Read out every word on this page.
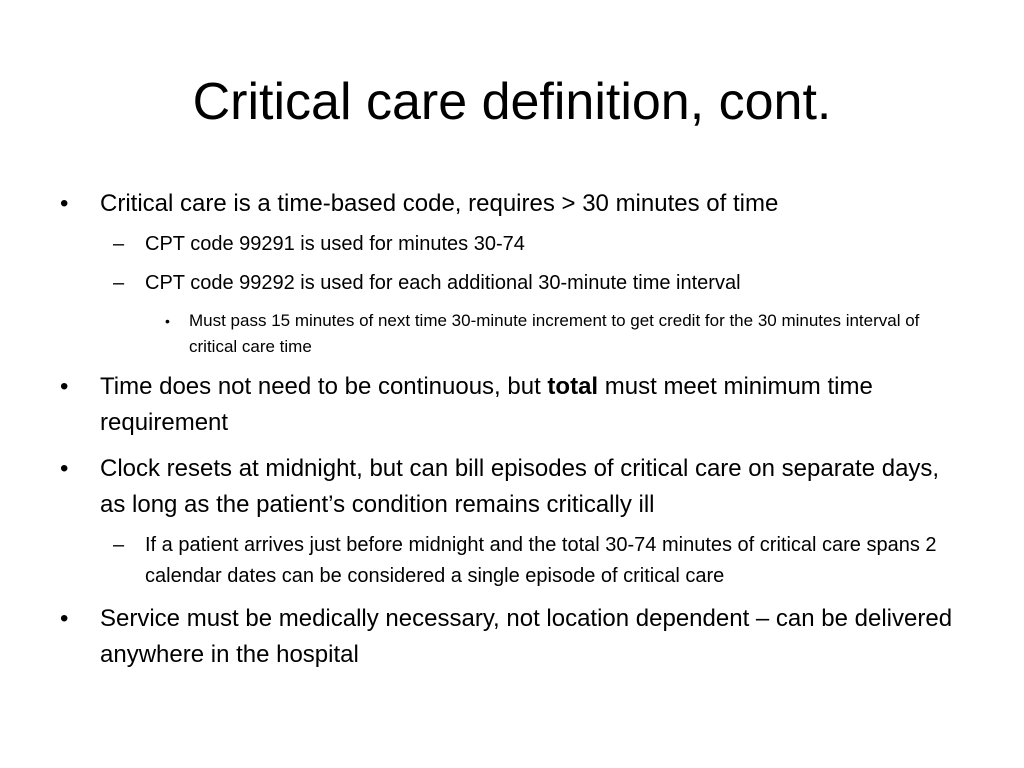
Critical care definition, cont.

• Critical care is a time-based code, requires > 30 minutes of time

– CPT code 99291 is used for minutes 30-74

– CPT code 99292 is used for each additional 30-minute time interval

• Must pass 15 minutes of next time 30-minute increment to get credit for the 30 minutes interval of critical care time

• Time does not need to be continuous, but total must meet minimum time requirement

• Clock resets at midnight, but can bill episodes of critical care on separate days, as long as the patient’s condition remains critically ill

– If a patient arrives just before midnight and the total 30-74 minutes of critical care spans 2 calendar dates can be considered a single episode of critical care

• Service must be medically necessary, not location dependent – can be delivered anywhere in the hospital
